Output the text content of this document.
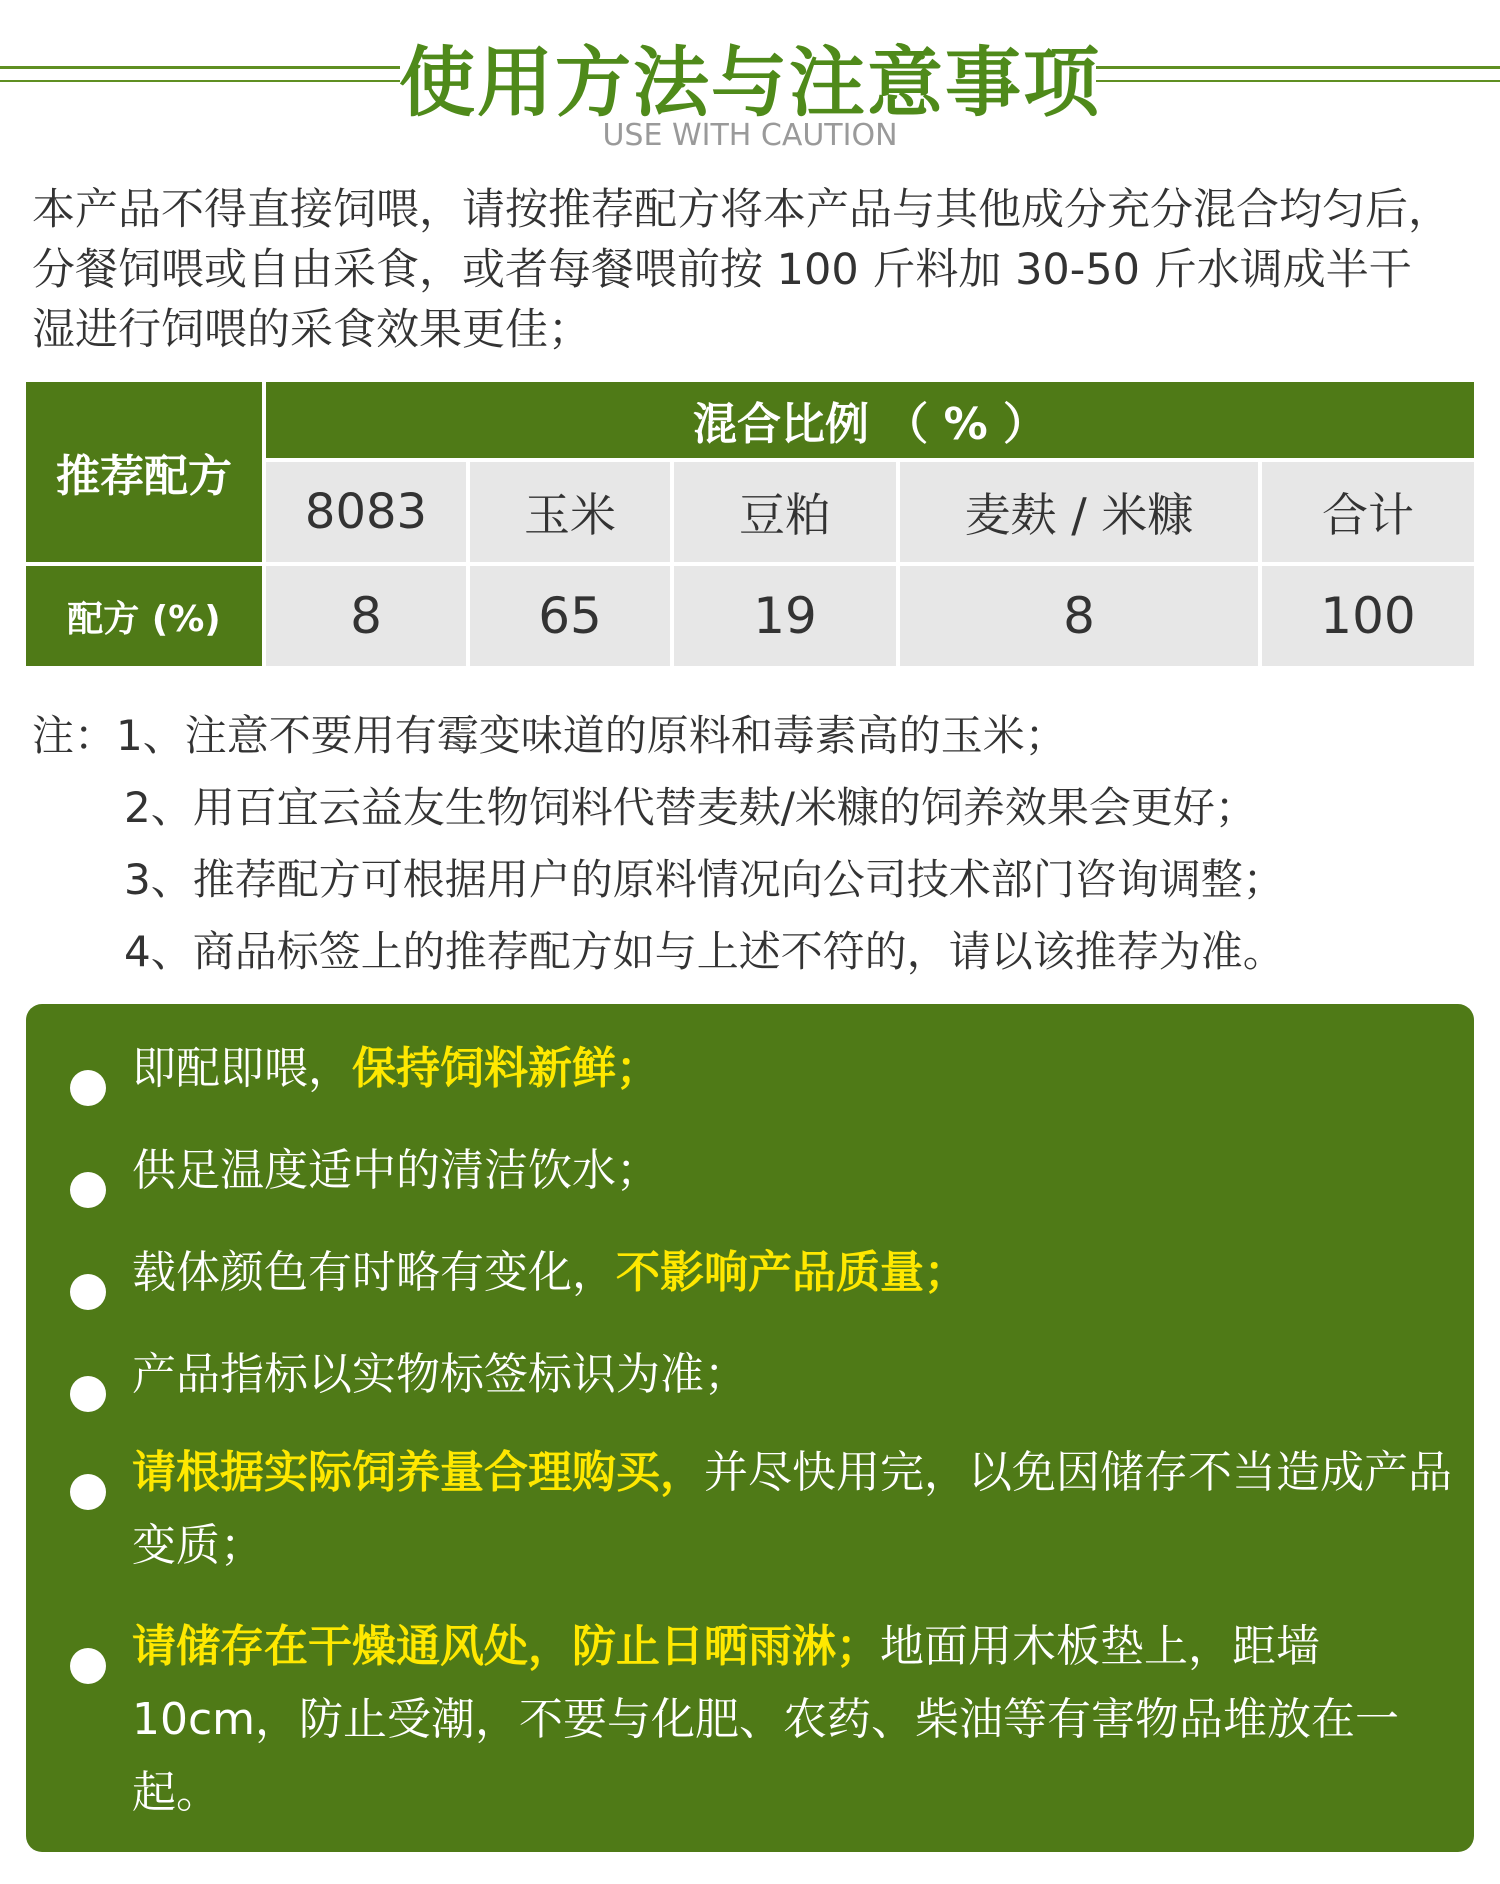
使用方法与注意事项
USE WITH CAUTION
本产品不得直接饲喂，请按推荐配方将本产品与其他成分充分混合均匀后，
分餐饲喂或自由采食，或者每餐喂前按 100 斤料加 30-50 斤水调成半干
湿进行饲喂的采食效果更佳；
推荐配方
混合比例 （ % ）
8083	玉米	豆粕	麦麸 / 米糠	合计
配方 (%)	8	65	19	8	100
注：1、注意不要用有霉变味道的原料和毒素高的玉米；
2、用百宜云益友生物饲料代替麦麸/米糠的饲养效果会更好；
3、推荐配方可根据用户的原料情况向公司技术部门咨询调整；
4、商品标签上的推荐配方如与上述不符的，请以该推荐为准。
即配即喂，保持饲料新鲜；
供足温度适中的清洁饮水；
载体颜色有时略有变化，不影响产品质量；
产品指标以实物标签标识为准；
请根据实际饲养量合理购买，并尽快用完，以免因储存不当造成产品变质；
请储存在干燥通风处，防止日晒雨淋；地面用木板垫上，距墙10cm，防止受潮，不要与化肥、农药、柴油等有害物品堆放在一起。
